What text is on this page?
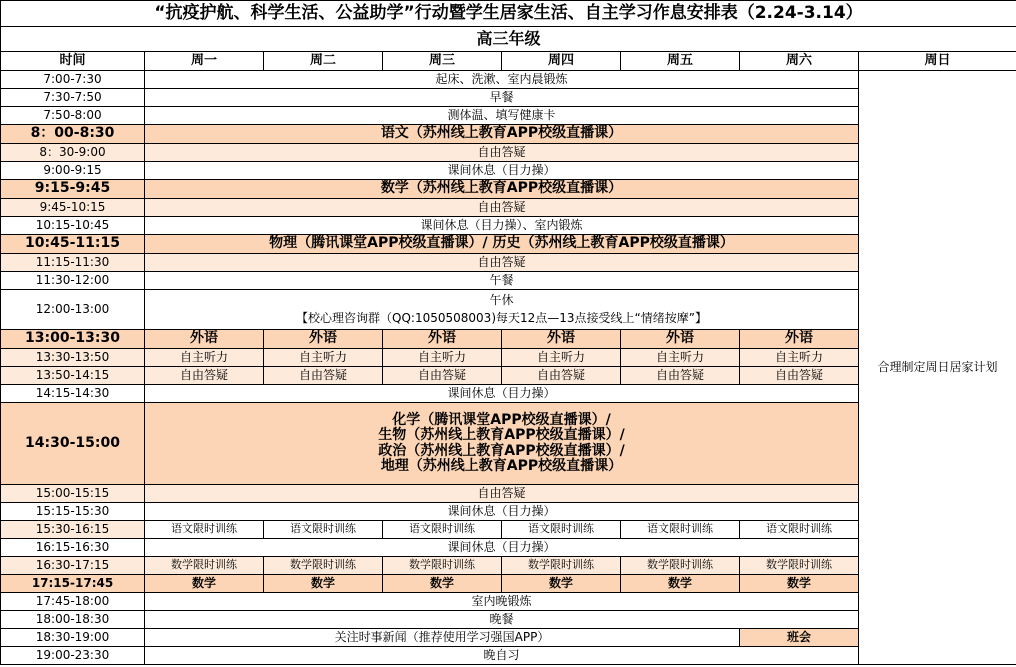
“抗疫护航、科学生活、公益助学”行动暨学生居家生活、自主学习作息安排表（2.24-3.14）							
高三年级							
时间	周一	周二	周三	周四	周五	周六	周日
7:00-7:30	起床、洗漱、室内晨锻炼						合理制定周日居家计划
7:30-7:50	早餐						
7:50-8:00	测体温、填写健康卡						
8：00-8:30	语文（苏州线上教育APP校级直播课）						
8：30-9:00	自由答疑						
9:00-9:15	课间休息（目力操）						
9:15-9:45	数学（苏州线上教育APP校级直播课）						
9:45-10:15	自由答疑						
10:15-10:45	课间休息（目力操）、室内锻炼						
10:45-11:15	物理（腾讯课堂APP校级直播课）/ 历史（苏州线上教育APP校级直播课）						
11:15-11:30	自由答疑						
11:30-12:00	午餐						
12:00-13:00	午休
【校心理咨询群（QQ:1050508003)每天12点—13点接受线上“情绪按摩”】						

13:00-13:30	外语	外语	外语	外语	外语	外语	
13:30-13:50	自主听力	自主听力	自主听力	自主听力	自主听力	自主听力	
13:50-14:15	自由答疑	自由答疑	自由答疑	自由答疑	自由答疑	自由答疑	
14:15-14:30	课间休息（目力操）						
14:30-15:00	化学（腾讯课堂APP校级直播课）/
生物（苏州线上教育APP校级直播课）/
政治（苏州线上教育APP校级直播课）/
地理（苏州线上教育APP校级直播课）						

15:00-15:15	自由答疑						
15:15-15:30	课间休息（目力操）						
15:30-16:15	语文限时训练	语文限时训练	语文限时训练	语文限时训练	语文限时训练	语文限时训练	
16:15-16:30	课间休息（目力操）						
16:30-17:15	数学限时训练	数学限时训练	数学限时训练	数学限时训练	数学限时训练	数学限时训练	
17:15-17:45	数学	数学	数学	数学	数学	数学	
17:45-18:00	室内晚锻炼						
18:00-18:30	晚餐						
18:30-19:00	关注时事新闻（推荐使用学习强国APP）					班会	
19:00-23:30	晚自习						
